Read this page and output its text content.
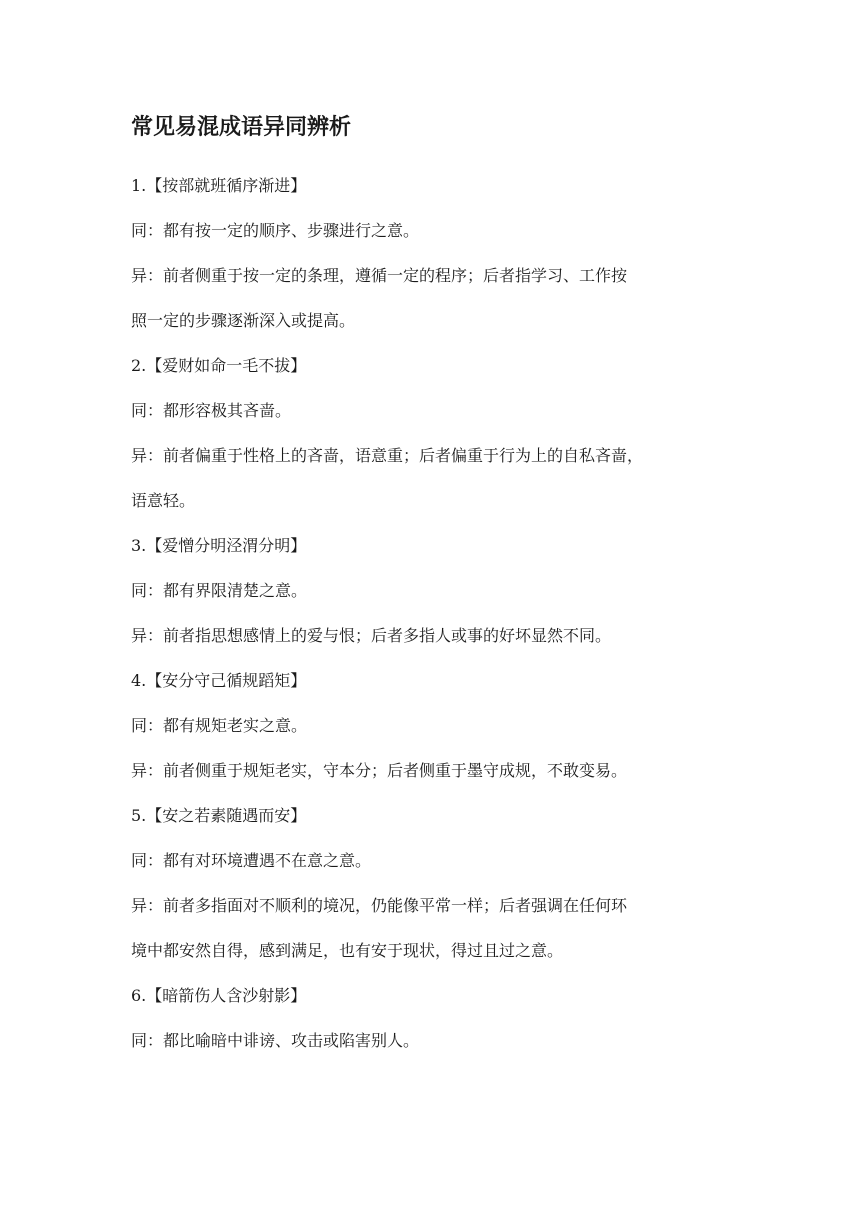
常见易混成语异同辨析
1.【按部就班循序渐进】
同：都有按一定的顺序、步骤进行之意。
异：前者侧重于按一定的条理，遵循一定的程序；后者指学习、工作按
照一定的步骤逐渐深入或提高。
2.【爱财如命一毛不拔】
同：都形容极其吝啬。
异：前者偏重于性格上的吝啬，语意重；后者偏重于行为上的自私吝啬，
语意轻。
3.【爱憎分明泾渭分明】
同：都有界限清楚之意。
异：前者指思想感情上的爱与恨；后者多指人或事的好坏显然不同。
4.【安分守己循规蹈矩】
同：都有规矩老实之意。
异：前者侧重于规矩老实，守本分；后者侧重于墨守成规，不敢变易。
5.【安之若素随遇而安】
同：都有对环境遭遇不在意之意。
异：前者多指面对不顺利的境况，仍能像平常一样；后者强调在任何环
境中都安然自得，感到满足，也有安于现状，得过且过之意。
6.【暗箭伤人含沙射影】
同：都比喻暗中诽谤、攻击或陷害别人。
